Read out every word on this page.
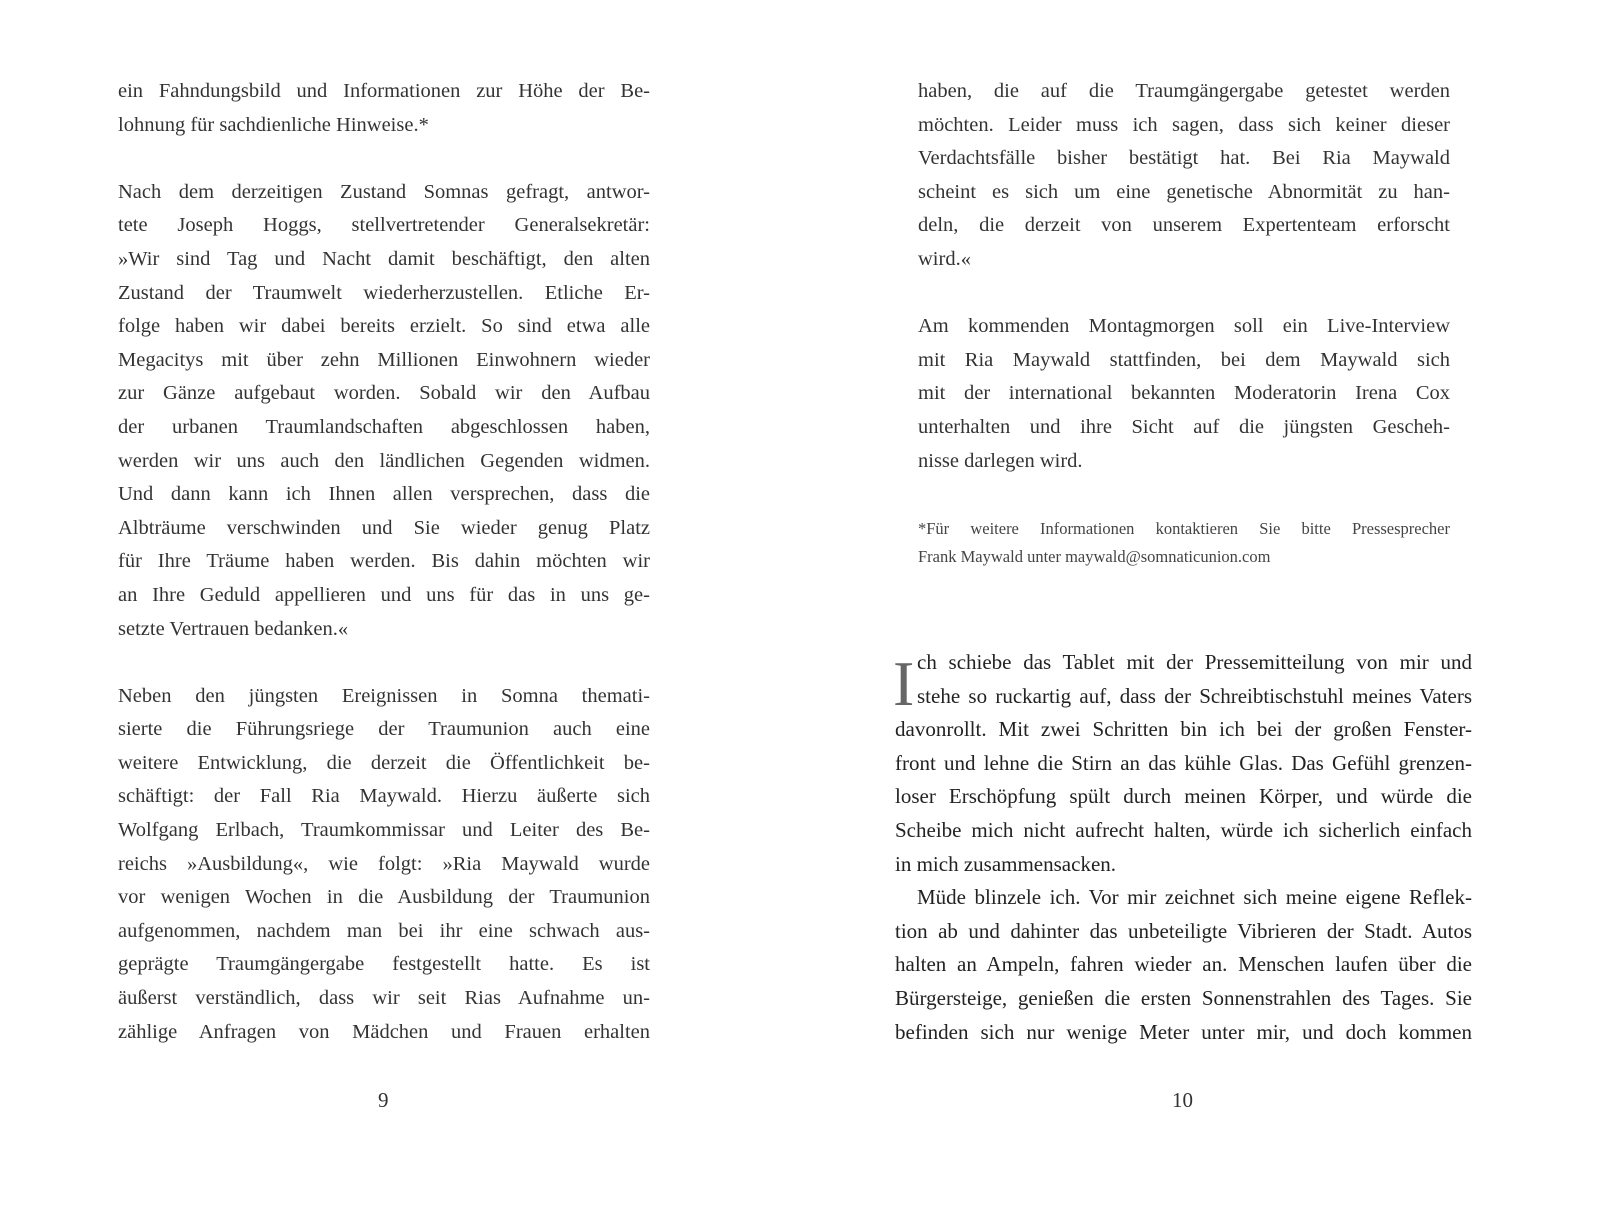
ein Fahndungsbild und Informationen zur Höhe der Be-
lohnung für sachdienliche Hinweise.*
Nach dem derzeitigen Zustand Somnas gefragt, antwor-
tete Joseph Hoggs, stellvertretender Generalsekretär:
»Wir sind Tag und Nacht damit beschäftigt, den alten
Zustand der Traumwelt wiederherzustellen. Etliche Er-
folge haben wir dabei bereits erzielt. So sind etwa alle
Megacitys mit über zehn Millionen Einwohnern wieder
zur Gänze aufgebaut worden. Sobald wir den Aufbau
der urbanen Traumlandschaften abgeschlossen haben,
werden wir uns auch den ländlichen Gegenden widmen.
Und dann kann ich Ihnen allen versprechen, dass die
Albträume verschwinden und Sie wieder genug Platz
für Ihre Träume haben werden. Bis dahin möchten wir
an Ihre Geduld appellieren und uns für das in uns ge-
setzte Vertrauen bedanken.«
Neben den jüngsten Ereignissen in Somna themati-
sierte die Führungsriege der Traumunion auch eine
weitere Entwicklung, die derzeit die Öffentlichkeit be-
schäftigt: der Fall Ria Maywald. Hierzu äußerte sich
Wolfgang Erlbach, Traumkommissar und Leiter des Be-
reichs »Ausbildung«, wie folgt: »Ria Maywald wurde
vor wenigen Wochen in die Ausbildung der Traumunion
aufgenommen, nachdem man bei ihr eine schwach aus-
geprägte Traumgängergabe festgestellt hatte. Es ist
äußerst verständlich, dass wir seit Rias Aufnahme un-
zählige Anfragen von Mädchen und Frauen erhalten
haben, die auf die Traumgängergabe getestet werden
möchten. Leider muss ich sagen, dass sich keiner dieser
Verdachtsfälle bisher bestätigt hat. Bei Ria Maywald
scheint es sich um eine genetische Abnormität zu han-
deln, die derzeit von unserem Expertenteam erforscht
wird.«
Am kommenden Montagmorgen soll ein Live-Interview
mit Ria Maywald stattfinden, bei dem Maywald sich
mit der international bekannten Moderatorin Irena Cox
unterhalten und ihre Sicht auf die jüngsten Gescheh-
nisse darlegen wird.
*Für weitere Informationen kontaktieren Sie bitte Pressesprecher
Frank Maywald unter maywald@somnaticunion.com
I ch schiebe das Tablet mit der Pressemitteilung von mir und
stehe so ruckartig auf, dass der Schreibtischstuhl meines Vaters
davonrollt. Mit zwei Schritten bin ich bei der großen Fenster-
front und lehne die Stirn an das kühle Glas. Das Gefühl grenzen-
loser Erschöpfung spült durch meinen Körper, und würde die
Scheibe mich nicht aufrecht halten, würde ich sicherlich einfach
in mich zusammensacken.
Müde blinzele ich. Vor mir zeichnet sich meine eigene Reflek-
tion ab und dahinter das unbeteiligte Vibrieren der Stadt. Autos
halten an Ampeln, fahren wieder an. Menschen laufen über die
Bürgersteige, genießen die ersten Sonnenstrahlen des Tages. Sie
befinden sich nur wenige Meter unter mir, und doch kommen
9	10
